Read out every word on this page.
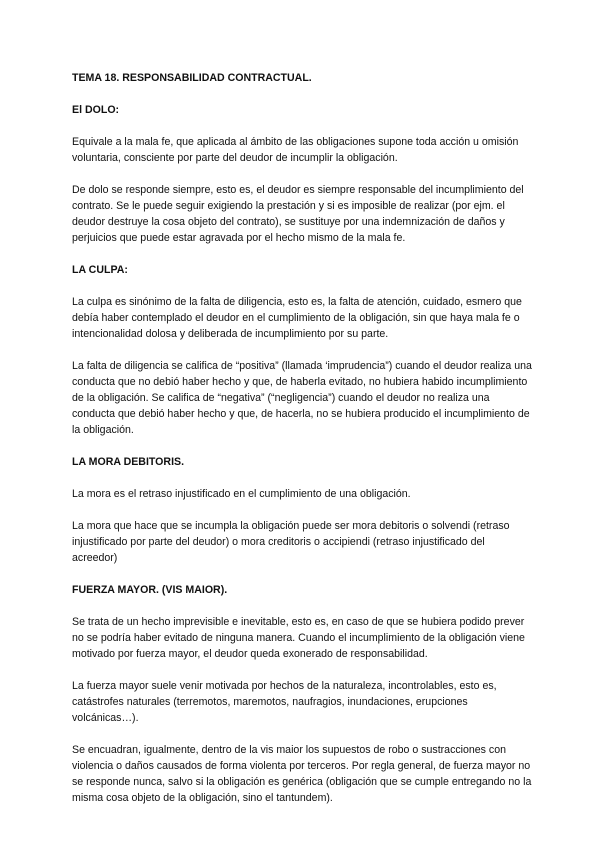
TEMA 18. RESPONSABILIDAD CONTRACTUAL.

El DOLO:

Equivale a la mala fe, que aplicada al ámbito de las obligaciones supone toda acción u omisión voluntaria, consciente por parte del deudor de incumplir la obligación.

De dolo se responde siempre, esto es, el deudor es siempre responsable del incumplimiento del contrato. Se le puede seguir exigiendo la prestación y si es imposible de realizar (por ejm. el deudor destruye la cosa objeto del contrato), se sustituye por una indemnización de daños y perjuicios que puede estar agravada por el hecho mismo de la mala fe.

LA CULPA:

La culpa es sinónimo de la falta de diligencia, esto es, la falta de atención, cuidado, esmero que debía haber contemplado el deudor en el cumplimiento de la obligación, sin que haya mala fe o intencionalidad dolosa y deliberada de incumplimiento por su parte.

La falta de diligencia se califica de “positiva” (llamada ‘imprudencia”) cuando el deudor realiza una conducta que no debió haber hecho y que, de haberla evitado, no hubiera habido incumplimiento de la obligación. Se califica de “negativa” (“negligencia”) cuando el deudor no realiza una conducta que debió haber hecho y que, de hacerla, no se hubiera producido el incumplimiento de la obligación.

LA MORA DEBITORIS.

La mora es el retraso injustificado en el cumplimiento de una obligación.

La mora que hace que se incumpla la obligación puede ser mora debitoris o solvendi (retraso injustificado por parte del deudor) o mora creditoris o accipiendi (retraso injustificado del acreedor)

FUERZA MAYOR. (VIS MAIOR).

Se trata de un hecho imprevisible e inevitable, esto es, en caso de que se hubiera podido prever no se podría haber evitado de ninguna manera. Cuando el incumplimiento de la obligación viene motivado por fuerza mayor, el deudor queda exonerado de responsabilidad.

La fuerza mayor suele venir motivada por hechos de la naturaleza, incontrolables, esto es, catástrofes naturales (terremotos, maremotos, naufragios, inundaciones, erupciones volcánicas…).

Se encuadran, igualmente, dentro de la vis maior los supuestos de robo o sustracciones con violencia o daños causados de forma violenta por terceros. Por regla general, de fuerza mayor no se responde nunca, salvo si la obligación es genérica (obligación que se cumple entregando no la misma cosa objeto de la obligación, sino el tantundem).
